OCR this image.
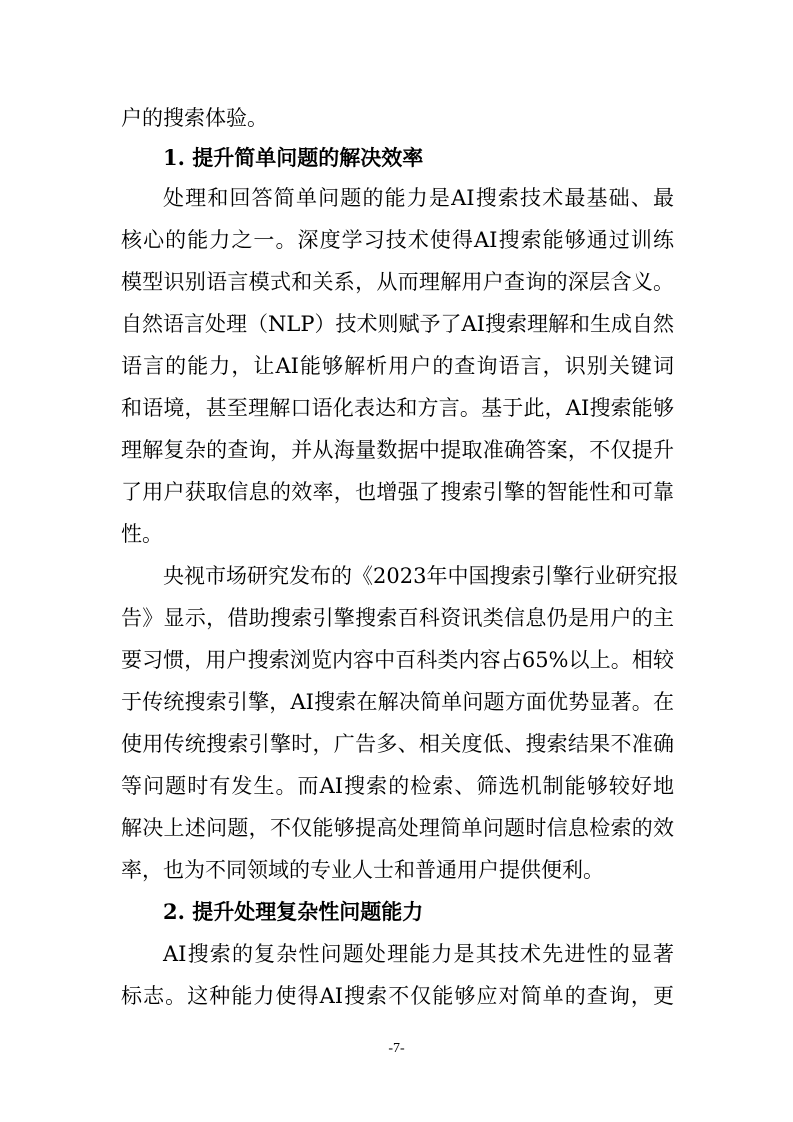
户的搜索体验。

1. 提升简单问题的解决效率

处理和回答简单问题的能力是AI搜索技术最基础、最

核心的能力之一。深度学习技术使得AI搜索能够通过训练

模型识别语言模式和关系，从而理解用户查询的深层含义。

自然语言处理（NLP）技术则赋予了AI搜索理解和生成自然

语言的能力，让AI能够解析用户的查询语言，识别关键词

和语境，甚至理解口语化表达和方言。基于此，AI搜索能够

理解复杂的查询，并从海量数据中提取准确答案，不仅提升

了用户获取信息的效率，也增强了搜索引擎的智能性和可靠

性。

央视市场研究发布的《2023年中国搜索引擎行业研究报

告》显示，借助搜索引擎搜索百科资讯类信息仍是用户的主

要习惯，用户搜索浏览内容中百科类内容占65%以上。相较

于传统搜索引擎，AI搜索在解决简单问题方面优势显著。在

使用传统搜索引擎时，广告多、相关度低、搜索结果不准确

等问题时有发生。而AI搜索的检索、筛选机制能够较好地

解决上述问题，不仅能够提高处理简单问题时信息检索的效

率，也为不同领域的专业人士和普通用户提供便利。

2. 提升处理复杂性问题能力

AI搜索的复杂性问题处理能力是其技术先进性的显著

标志。这种能力使得AI搜索不仅能够应对简单的查询，更

-7-
